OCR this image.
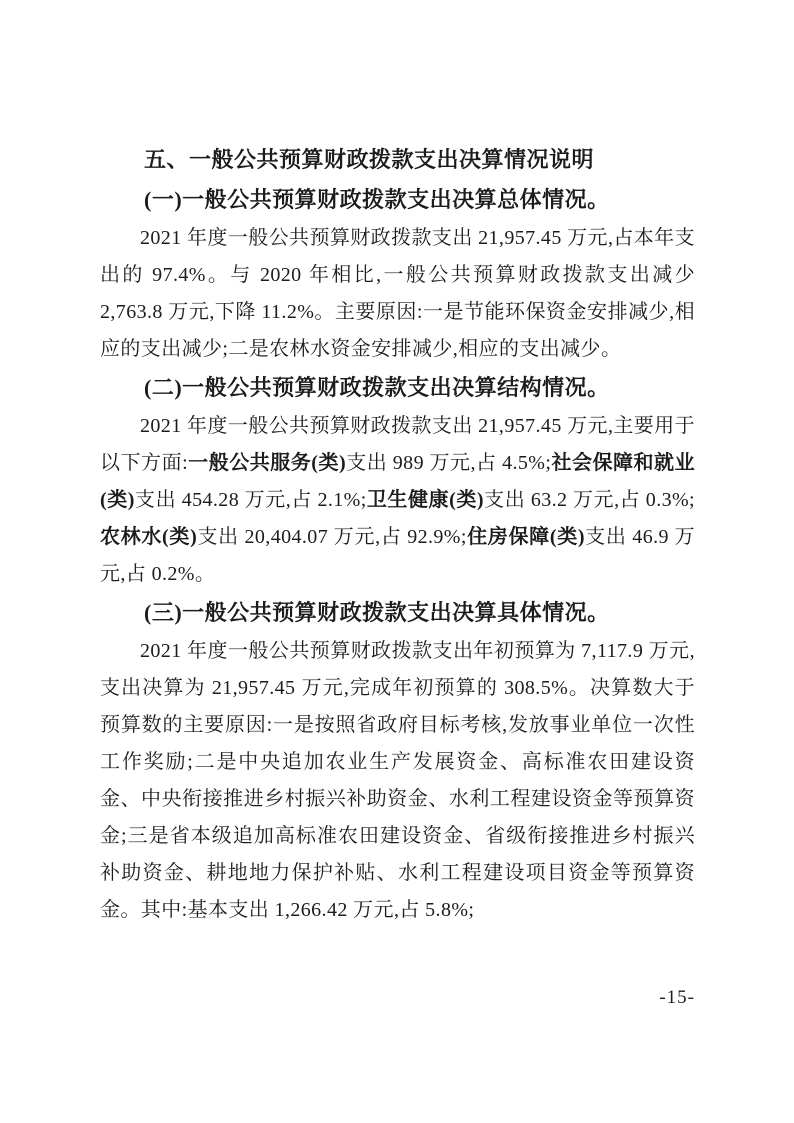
五、一般公共预算财政拨款支出决算情况说明
(一)一般公共预算财政拨款支出决算总体情况。
2021 年度一般公共预算财政拨款支出 21,957.45 万元,占本年支出的 97.4%。与 2020 年相比,一般公共预算财政拨款支出减少 2,763.8 万元,下降 11.2%。主要原因:一是节能环保资金安排减少,相应的支出减少;二是农林水资金安排减少,相应的支出减少。
(二)一般公共预算财政拨款支出决算结构情况。
2021 年度一般公共预算财政拨款支出 21,957.45 万元,主要用于以下方面:一般公共服务(类)支出 989 万元,占 4.5%;社会保障和就业(类)支出 454.28 万元,占 2.1%;卫生健康(类)支出 63.2 万元,占 0.3%;农林水(类)支出 20,404.07 万元,占 92.9%;住房保障(类)支出 46.9 万元,占 0.2%。
(三)一般公共预算财政拨款支出决算具体情况。
2021 年度一般公共预算财政拨款支出年初预算为 7,117.9 万元,支出决算为 21,957.45 万元,完成年初预算的 308.5%。决算数大于预算数的主要原因:一是按照省政府目标考核,发放事业单位一次性工作奖励;二是中央追加农业生产发展资金、高标准农田建设资金、中央衔接推进乡村振兴补助资金、水利工程建设资金等预算资金;三是省本级追加高标准农田建设资金、省级衔接推进乡村振兴补助资金、耕地地力保护补贴、水利工程建设项目资金等预算资金。其中:基本支出 1,266.42 万元,占 5.8%;
-15-
